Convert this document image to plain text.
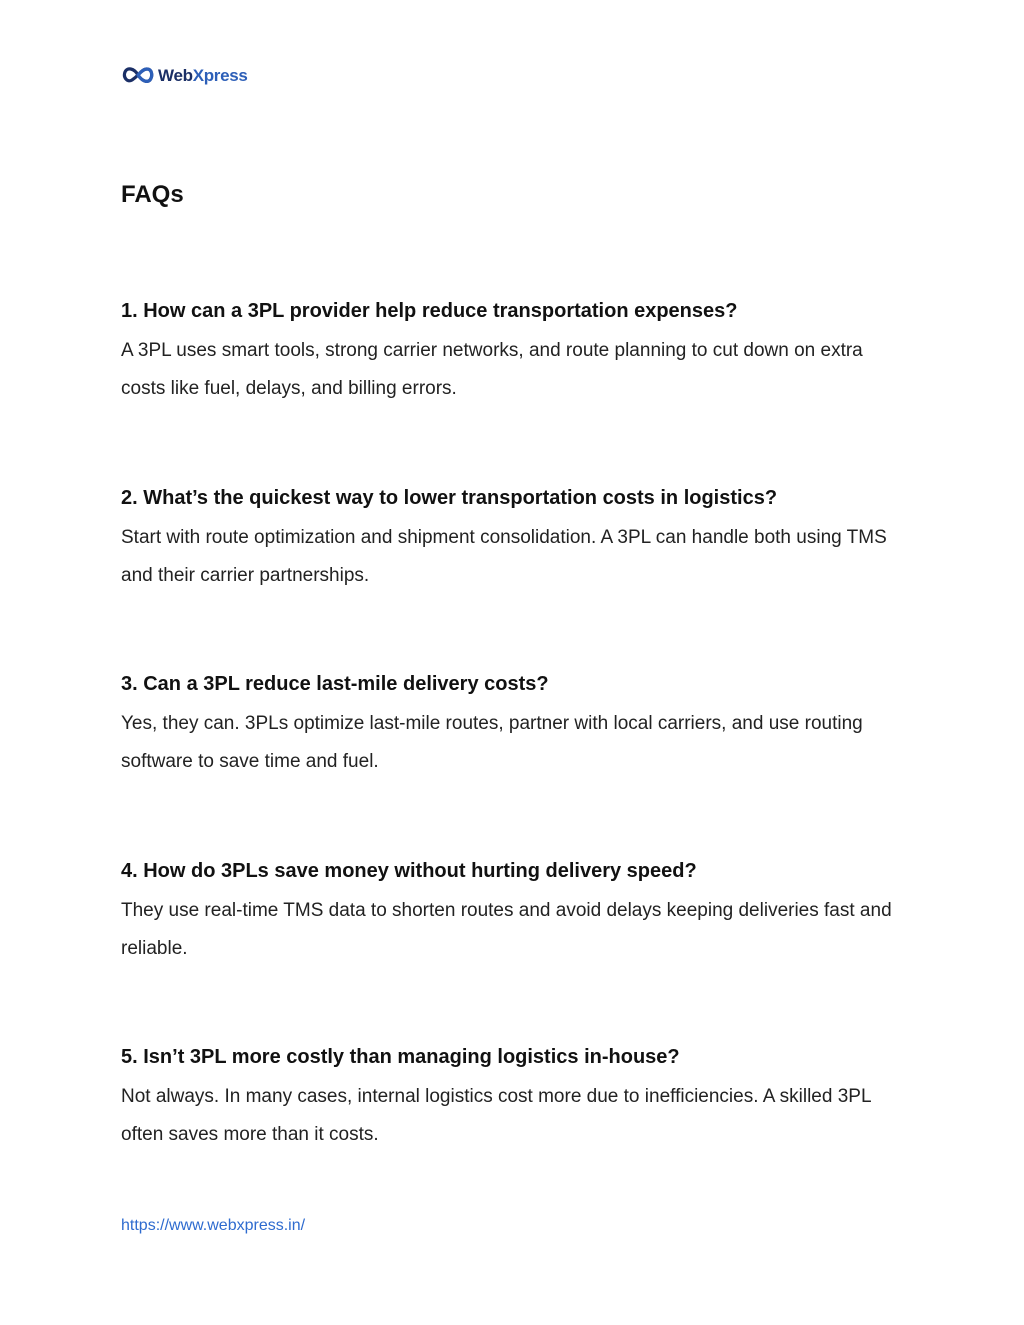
WebXpress
FAQs
1. How can a 3PL provider help reduce transportation expenses?

A 3PL uses smart tools, strong carrier networks, and route planning to cut down on extra costs like fuel, delays, and billing errors.

2. What’s the quickest way to lower transportation costs in logistics?

Start with route optimization and shipment consolidation. A 3PL can handle both using TMS and their carrier partnerships.

3. Can a 3PL reduce last-mile delivery costs?

Yes, they can. 3PLs optimize last-mile routes, partner with local carriers, and use routing software to save time and fuel.

4. How do 3PLs save money without hurting delivery speed?

They use real-time TMS data to shorten routes and avoid delays keeping deliveries fast and reliable.

5. Isn’t 3PL more costly than managing logistics in-house?

Not always. In many cases, internal logistics cost more due to inefficiencies. A skilled 3PL often saves more than it costs.

https://www.webxpress.in/
